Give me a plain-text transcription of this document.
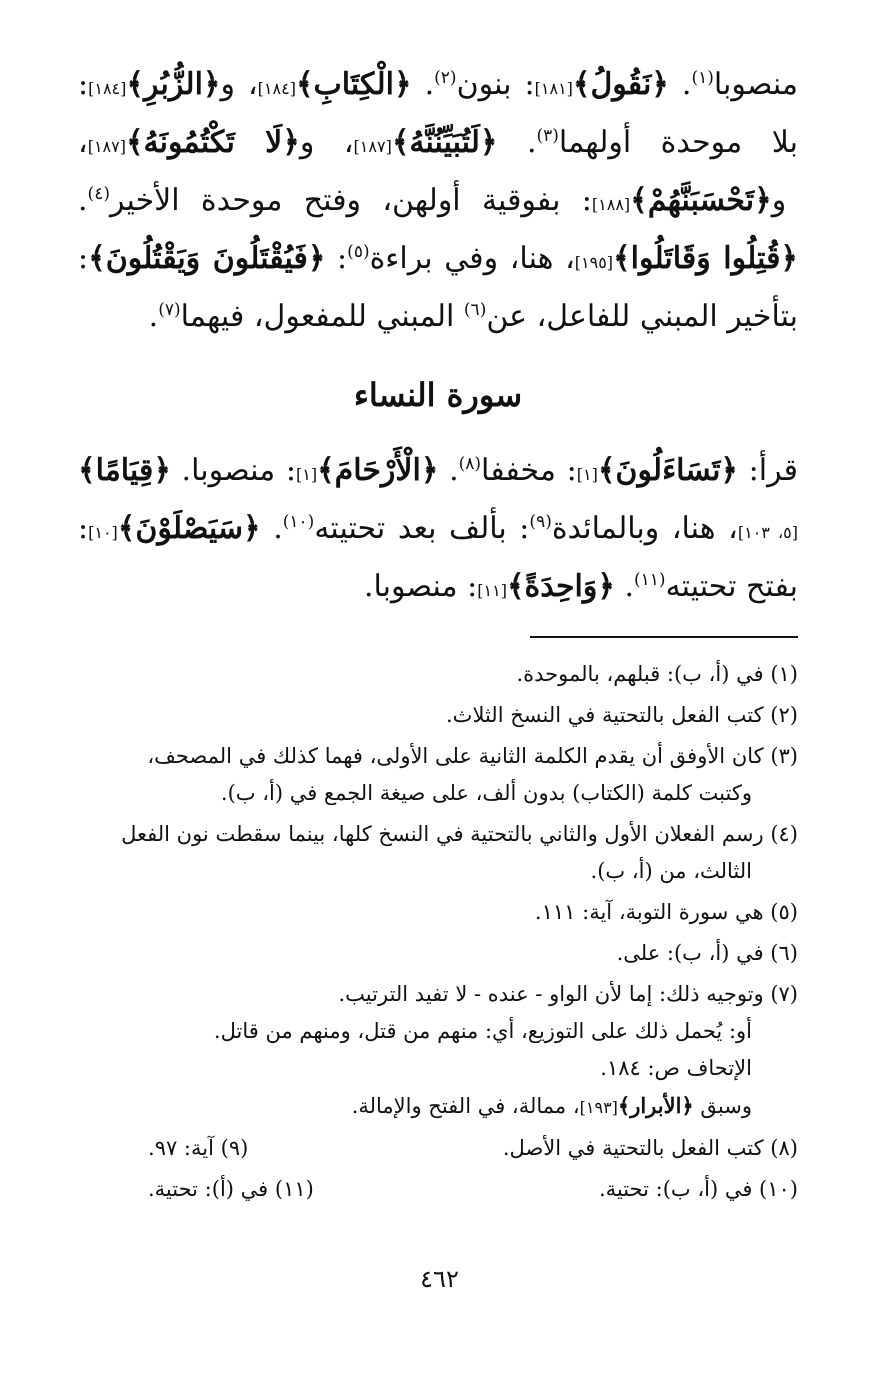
منصوبا$^{(١)}$. ﴿نَقُولُ﴾[١٨١]: بنون$^{(٢)}$. ﴿الْكِتَابِ﴾[١٨٤]، و﴿الزُّبُرِ﴾[١٨٤]: بلا موحدة أولهما$^{(٣)}$. ﴿لَتُبَيِّنُنَّهُ﴾[١٨٧]، و﴿لَا تَكْتُمُونَهُ﴾[١٨٧]، و﴿تَحْسَبَنَّهُمْ﴾[١٨٨]: بفوقية أولهن، وفتح موحدة الأخير$^{(٤)}$. ﴿قُتِلُوا وَقَاتَلُوا﴾[١٩٥]، هنا، وفي براءة$^{(٥)}$: ﴿فَيُقْتَلُونَ وَيَقْتُلُونَ﴾: بتأخير المبني للفاعل، عن$^{(٦)}$ المبني للمفعول، فيهما$^{(٧)}$.

سورة النساء

قرأ: ﴿تَسَاءَلُونَ﴾[١]: مخففا$^{(٨)}$. ﴿الْأَرْحَامَ﴾[١]: منصوبا. ﴿قِيَامًا﴾[٥، ١٠٣]، هنا، وبالمائدة$^{(٩)}$: بألف بعد تحتيته$^{(١٠)}$. ﴿سَيَصْلَوْنَ﴾[١٠]: بفتح تحتيته$^{(١١)}$. ﴿وَاحِدَةً﴾[١١]: منصوبا.

(١) في (أ، ب): قبلهم، بالموحدة.
(٢) كتب الفعل بالتحتية في النسخ الثلاث.
(٣) كان الأوفق أن يقدم الكلمة الثانية على الأولى، فهما كذلك في المصحف،
وكتبت كلمة (الكتاب) بدون ألف، على صيغة الجمع في (أ، ب).
(٤) رسم الفعلان الأول والثاني بالتحتية في النسخ كلها، بينما سقطت نون الفعل
الثالث، من (أ، ب).
(٥) هي سورة التوبة، آية: ١١١.
(٦) في (أ، ب): على.
(٧) وتوجيه ذلك: إما لأن الواو - عنده - لا تفيد الترتيب.
أو: يُحمل ذلك على التوزيع، أي: منهم من قتل، ومنهم من قاتل.
الإتحاف ص: ١٨٤.
وسبق ﴿الأبرار﴾[١٩٣]، ممالة، في الفتح والإمالة.
(٨) كتب الفعل بالتحتية في الأصل.
(٩) آية: ٩٧.
(١٠) في (أ، ب): تحتية.
(١١) في (أ): تحتية.
٤٦٢
